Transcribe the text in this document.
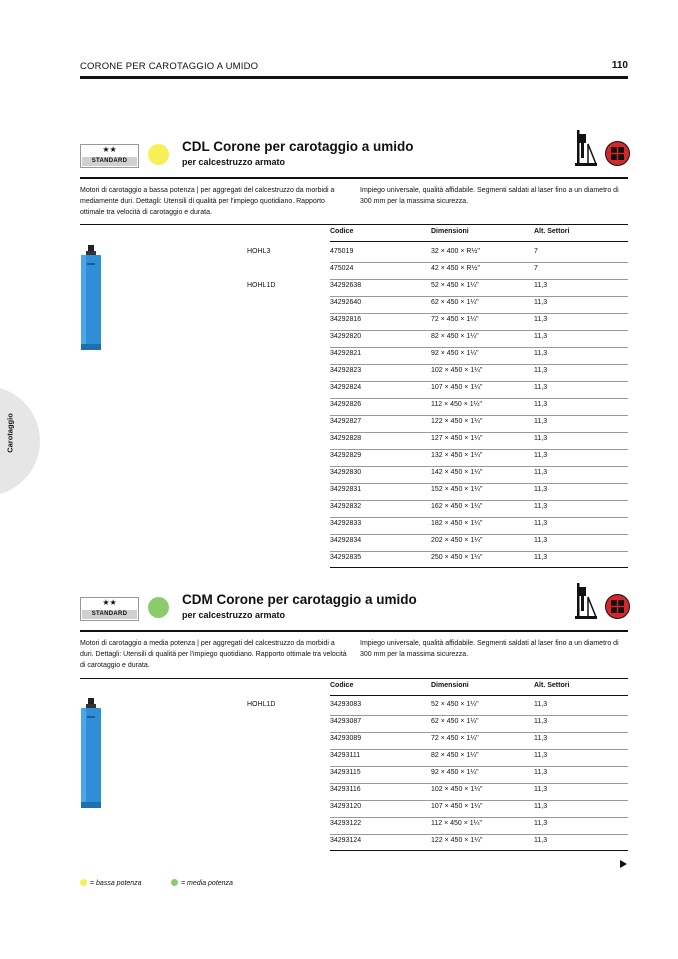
CORONE PER CAROTAGGIO A UMIDO	110
Carotaggio
★★
STANDARD
CDL Corone per carotaggio a umido
per calcestruzzo armato
Motori di carotaggio a bassa potenza | per aggregati del calcestruzzo da morbidi a mediamente duri. Dettagli: Utensili di qualità per l'impiego quotidiano. Rapporto ottimale tra velocità di carotaggio e durata.
Impiego universale, qualità affidabile. Segmenti saldati al laser fino a un diametro di 300 mm per la massima sicurezza.
Codice	Dimensioni	Alt. Settori
475019	32 × 400 × R½"	7
475024	42 × 450 × R½"	7
34292638	52 × 450 × 1¼"	11,3
34292640	62 × 450 × 1¼"	11,3
34292816	72 × 450 × 1¼"	11,3
34292820	82 × 450 × 1¼"	11,3
34292821	92 × 450 × 1¼"	11,3
34292823	102 × 450 × 1¼"	11,3
34292824	107 × 450 × 1¼"	11,3
34292826	112 × 450 × 1¼"	11,3
34292827	122 × 450 × 1¼"	11,3
34292828	127 × 450 × 1¼"	11,3
34292829	132 × 450 × 1¼"	11,3
34292830	142 × 450 × 1¼"	11,3
34292831	152 × 450 × 1¼"	11,3
34292832	162 × 450 × 1¼"	11,3
34292833	182 × 450 × 1¼"	11,3
34292834	202 × 450 × 1¼"	11,3
34292835	250 × 450 × 1¼"	11,3
HOHL3
HOHL1D
★★
STANDARD
CDM Corone per carotaggio a umido
per calcestruzzo armato
Motori di carotaggio a media potenza | per aggregati del calcestruzzo da morbidi a duri. Dettagli: Utensili di qualità per l'impiego quotidiano. Rapporto ottimale tra velocità di carotaggio e durata.
Impiego universale, qualità affidabile. Segmenti saldati al laser fino a un diametro di 300 mm per la massima sicurezza.
Codice	Dimensioni	Alt. Settori
34293083	52 × 450 × 1¼"	11,3
34293087	62 × 450 × 1¼"	11,3
34293089	72 × 450 × 1¼"	11,3
34293111	82 × 450 × 1¼"	11,3
34293115	92 × 450 × 1¼"	11,3
34293116	102 × 450 × 1¼"	11,3
34293120	107 × 450 × 1¼"	11,3
34293122	112 × 450 × 1¼"	11,3
34293124	122 × 450 × 1¼"	11,3
HOHL1D
= bassa potenza	= media potenza
